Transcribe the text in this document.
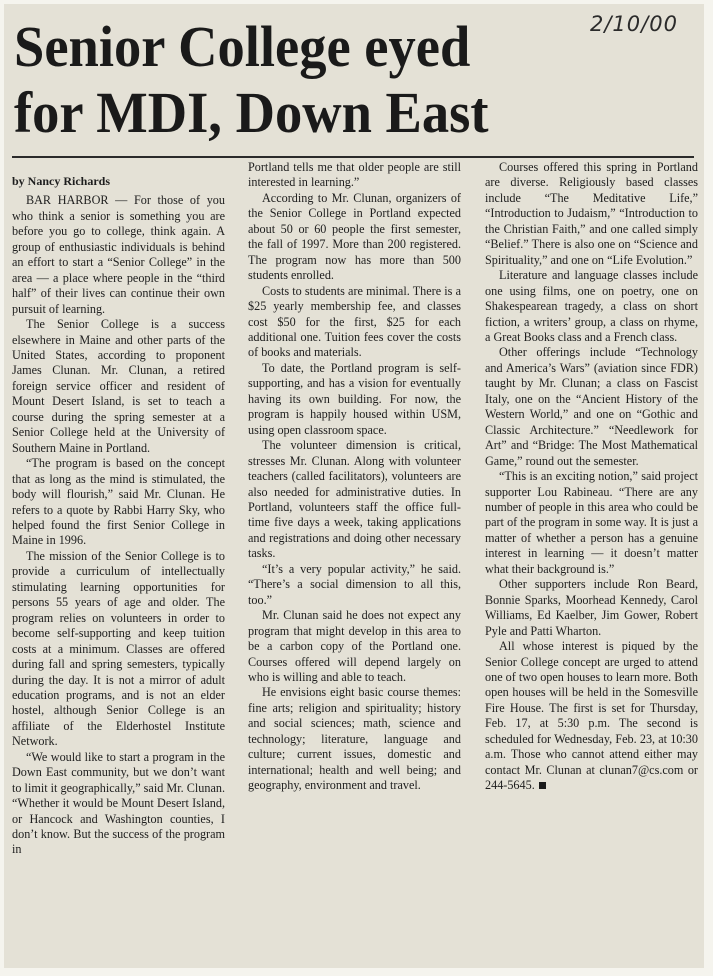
2/10/00
Senior College eyed
for MDI, Down East
by Nancy Richards

BAR HARBOR — For those of you who think a senior is something you are before you go to college, think again. A group of enthusiastic individuals is behind an effort to start a “Senior College” in the area — a place where people in the “third half” of their lives can continue their own pursuit of learning.

The Senior College is a success elsewhere in Maine and other parts of the United States, according to proponent James Clunan. Mr. Clunan, a retired foreign service officer and resident of Mount Desert Island, is set to teach a course during the spring semester at a Senior College held at the University of Southern Maine in Portland.

“The program is based on the concept that as long as the mind is stimulated, the body will flourish,” said Mr. Clunan. He refers to a quote by Rabbi Harry Sky, who helped found the first Senior College in Maine in 1996.

The mission of the Senior College is to provide a curriculum of intellectually stimulating learning opportunities for persons 55 years of age and older. The program relies on volunteers in order to become self-supporting and keep tuition costs at a minimum. Classes are offered during fall and spring semesters, typically during the day. It is not a mirror of adult education programs, and is not an elder hostel, although Senior College is an affiliate of the Elderhostel Institute Network.

“We would like to start a program in the Down East community, but we don’t want to limit it geographically,” said Mr. Clunan. “Whether it would be Mount Desert Island, or Hancock and Washington counties, I don’t know. But the success of the program in

Portland tells me that older people are still interested in learning.”

According to Mr. Clunan, organizers of the Senior College in Portland expected about 50 or 60 people the first semester, the fall of 1997. More than 200 registered. The program now has more than 500 students enrolled.

Costs to students are minimal. There is a $25 yearly membership fee, and classes cost $50 for the first, $25 for each additional one. Tuition fees cover the costs of books and materials.

To date, the Portland program is self-supporting, and has a vision for eventually having its own building. For now, the program is happily housed within USM, using open classroom space.

The volunteer dimension is critical, stresses Mr. Clunan. Along with volunteer teachers (called facilitators), volunteers are also needed for administrative duties. In Portland, volunteers staff the office full-time five days a week, taking applications and registrations and doing other necessary tasks.

“It’s a very popular activity,” he said. “There’s a social dimension to all this, too.”

Mr. Clunan said he does not expect any program that might develop in this area to be a carbon copy of the Portland one. Courses offered will depend largely on who is willing and able to teach.

He envisions eight basic course themes: fine arts; religion and spirituality; history and social sciences; math, science and technology; literature, language and culture; current issues, domestic and international; health and well being; and geography, environment and travel.

Courses offered this spring in Portland are diverse. Religiously based classes include “The Meditative Life,” “Introduction to Judaism,” “Introduction to the Christian Faith,” and one called simply “Belief.” There is also one on “Science and Spirituality,” and one on “Life Evolution.”

Literature and language classes include one using films, one on poetry, one on Shakespearean tragedy, a class on short fiction, a writers’ group, a class on rhyme, a Great Books class and a French class.

Other offerings include “Technology and America’s Wars” (aviation since FDR) taught by Mr. Clunan; a class on Fascist Italy, one on the “Ancient History of the Western World,” and one on “Gothic and Classic Architecture.” “Needlework for Art” and “Bridge: The Most Mathematical Game,” round out the semester.

“This is an exciting notion,” said project supporter Lou Rabineau. “There are any number of people in this area who could be part of the program in some way. It is just a matter of whether a person has a genuine interest in learning — it doesn’t matter what their background is.”

Other supporters include Ron Beard, Bonnie Sparks, Moorhead Kennedy, Carol Williams, Ed Kaelber, Jim Gower, Robert Pyle and Patti Wharton.

All whose interest is piqued by the Senior College concept are urged to attend one of two open houses to learn more. Both open houses will be held in the Somesville Fire House. The first is set for Thursday, Feb. 17, at 5:30 p.m. The second is scheduled for Wednesday, Feb. 23, at 10:30 a.m. Those who cannot attend either may contact Mr. Clunan at clunan7@cs.com or 244-5645.
